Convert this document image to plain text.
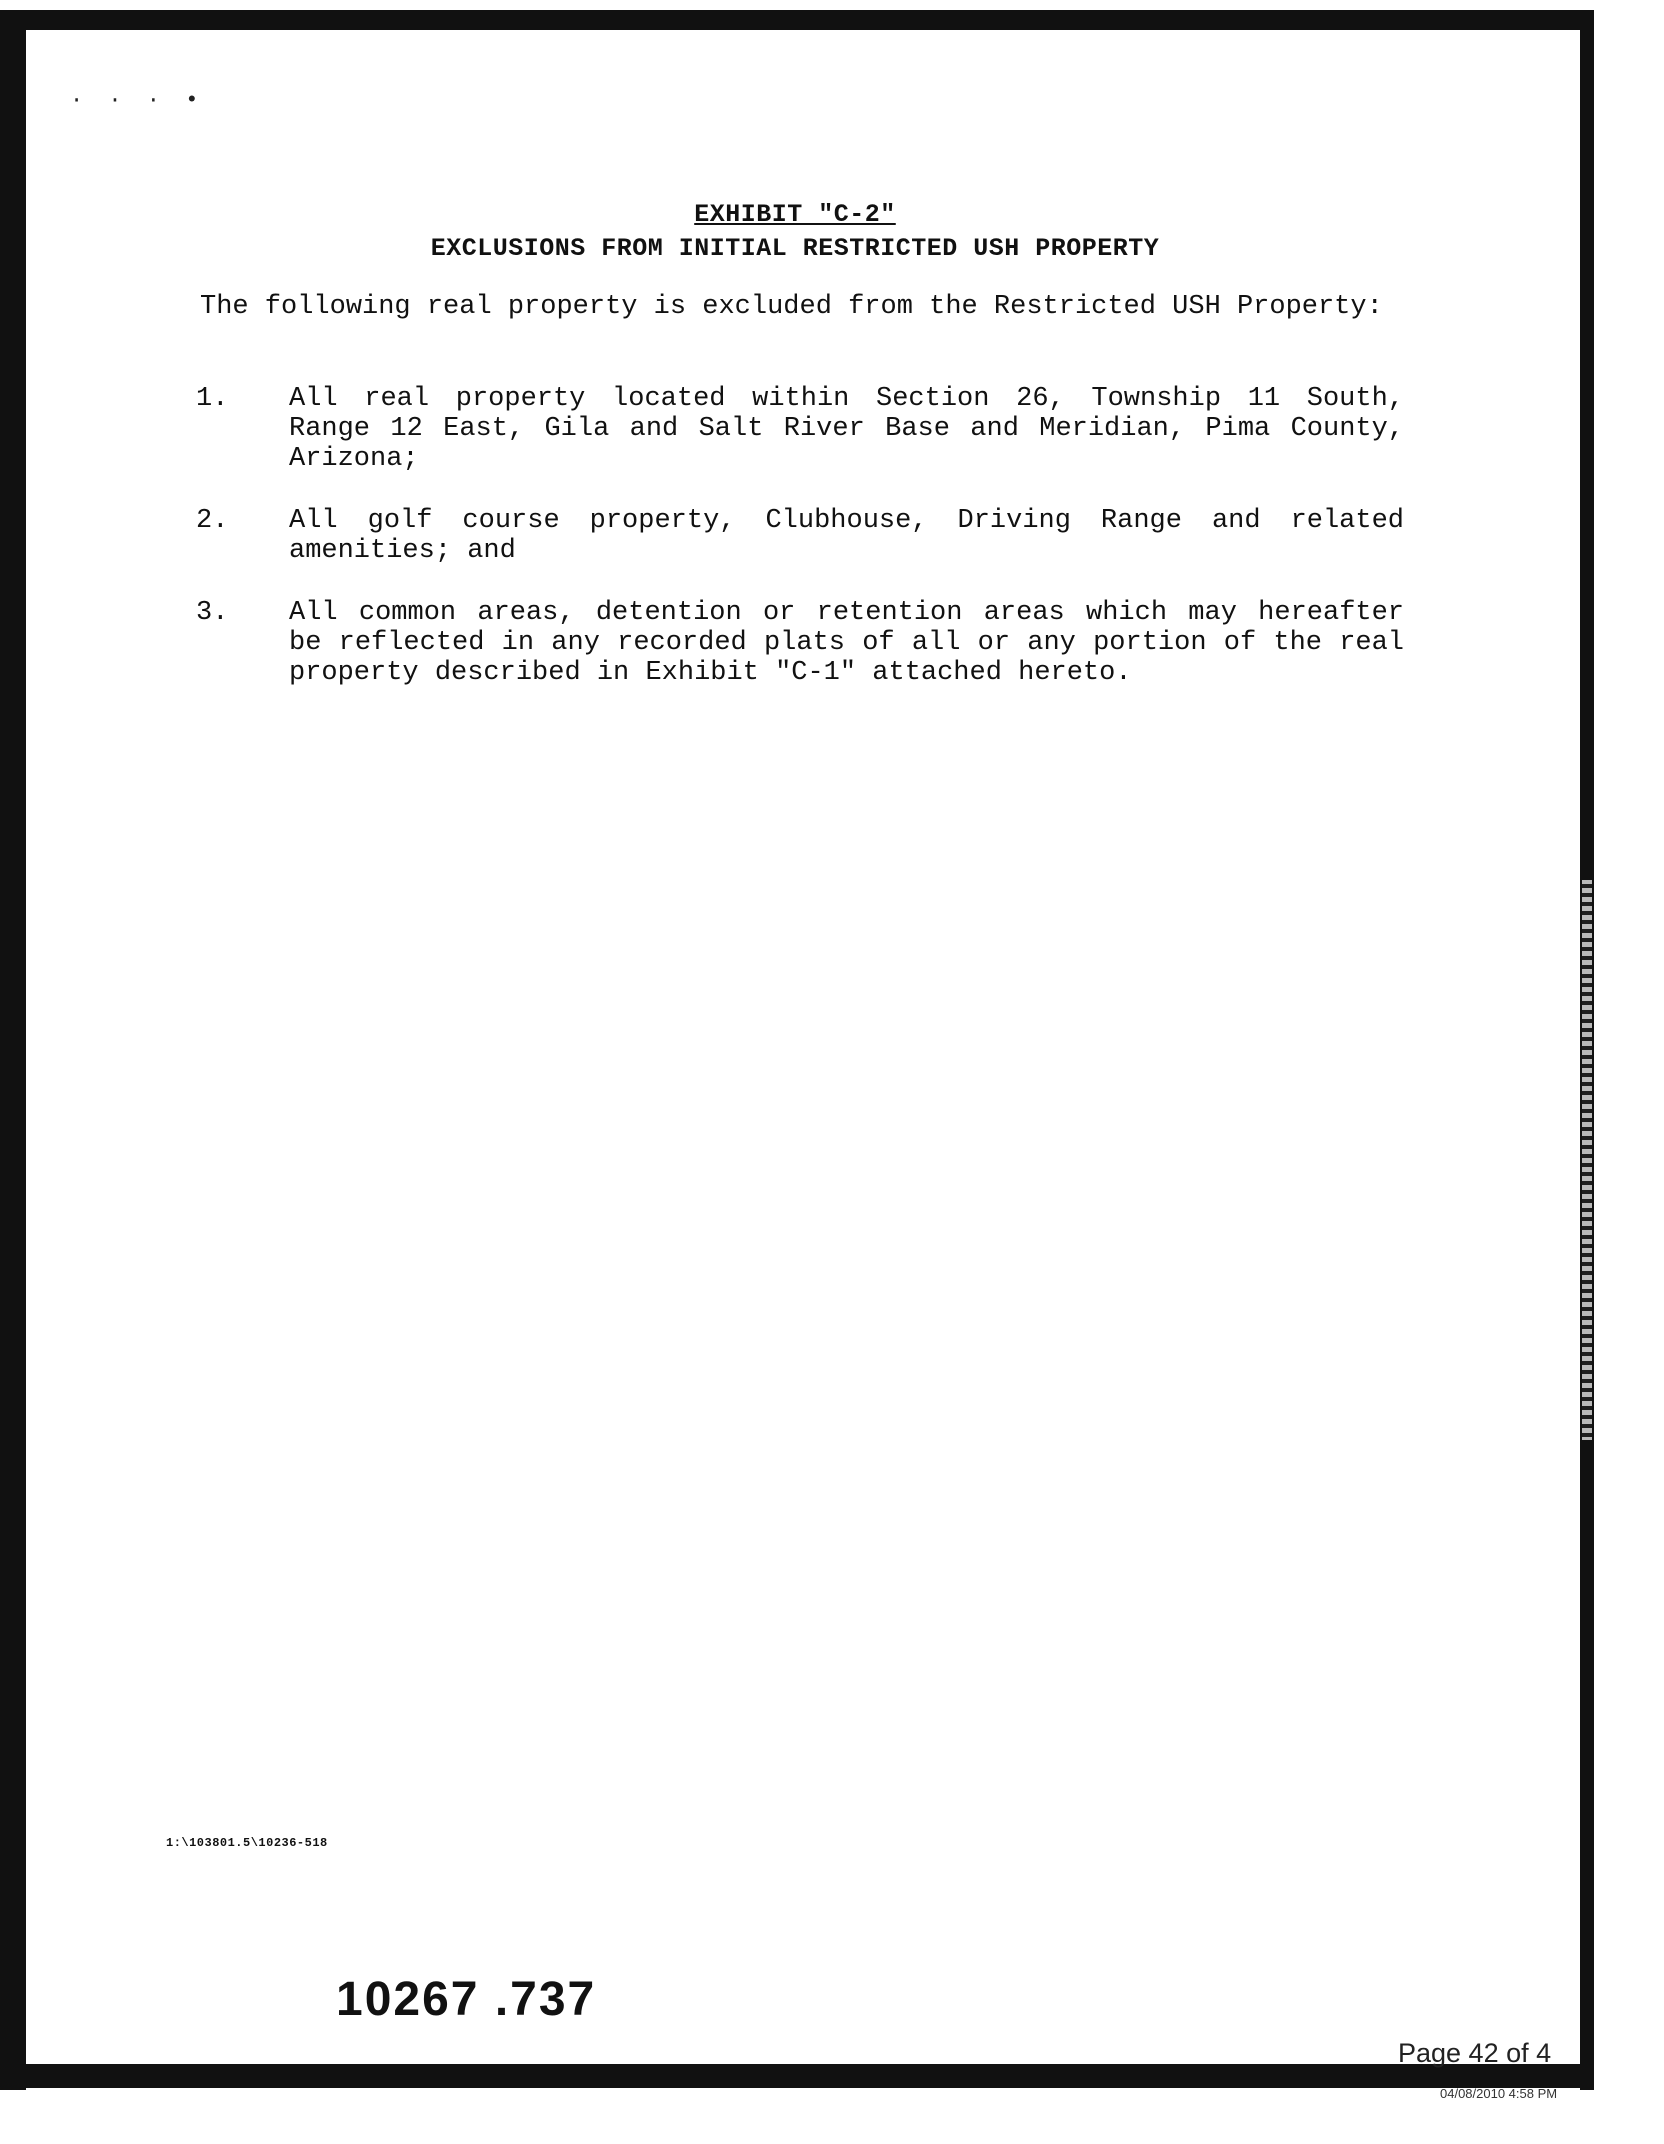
· · · •
EXHIBIT "C-2"
EXCLUSIONS FROM INITIAL RESTRICTED USH PROPERTY
The following real property is excluded from the Restricted USH Property:
1.	All real property located within Section 26, Township 11 South, Range 12 East, Gila and Salt River Base and Meridian, Pima County, Arizona;
2.	All golf course property, Clubhouse, Driving Range and related amenities; and
3.	All common areas, detention or retention areas which may hereafter be reflected in any recorded plats of all or any portion of the real property described in Exhibit "C-1" attached hereto.
1:\103801.5\10236-518
10267 .737
Page 42 of 4
04/08/2010 4:58 PM
